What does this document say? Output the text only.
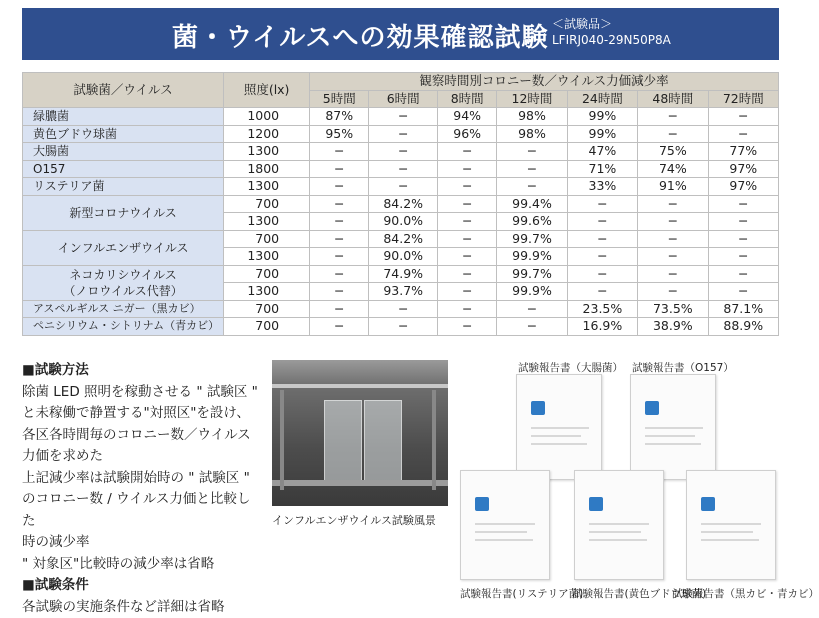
菌・ウイルスへの効果確認試験 ＜試験品＞
LFIRJ040-29N50P8A
試験菌／ウイルス	照度(lx)	観察時間別コロニー数／ウイルス力価減少率						
		5時間	6時間	8時間	12時間	24時間	48時間	72時間
緑膿菌	1000	87%	−	94%	98%	99%	−	−
黄色ブドウ球菌	1200	95%	−	96%	98%	99%	−	−
大腸菌	1300	−	−	−	−	47%	75%	77%
O157	1800	−	−	−	−	71%	74%	97%
リステリア菌	1300	−	−	−	−	33%	91%	97%
新型コロナウイルス	700	−	84.2%	−	99.4%	−	−	−
	1300	−	90.0%	−	99.6%	−	−	−
インフルエンザウイルス	700	−	84.2%	−	99.7%	−	−	−
	1300	−	90.0%	−	99.9%	−	−	−

ネコカリシウイルス
（ノロウイルス代替）	700	−	74.9%	−	99.7%	−	−	−
	1300	−	93.7%	−	99.9%	−	−	−
アスペルギルス ニガー（黒カビ）	700	−	−	−	−	23.5%	73.5%	87.1%
ペニシリウム・シトリナム（青カビ）	700	−	−	−	−	16.9%	38.9%	88.9%
■試験方法
除菌 LED 照明を稼動させる " 試験区 "
と未稼働で静置する"対照区"を設け、
各区各時間毎のコロニー数／ウイルス
力価を求めた
上記減少率は試験開始時の " 試験区 "
のコロニー数 / ウイルス力価と比較した
時の減少率
" 対象区"比較時の減少率は省略
■試験条件
各試験の実施条件など詳細は省略
インフルエンザウイルス試験風景
試験報告書（大腸菌） 試験報告書（O157）
試験報告書(リステリア菌)
試験報告書(黄色ブドウ球菌)
試験報告書（黒カビ・青カビ）
